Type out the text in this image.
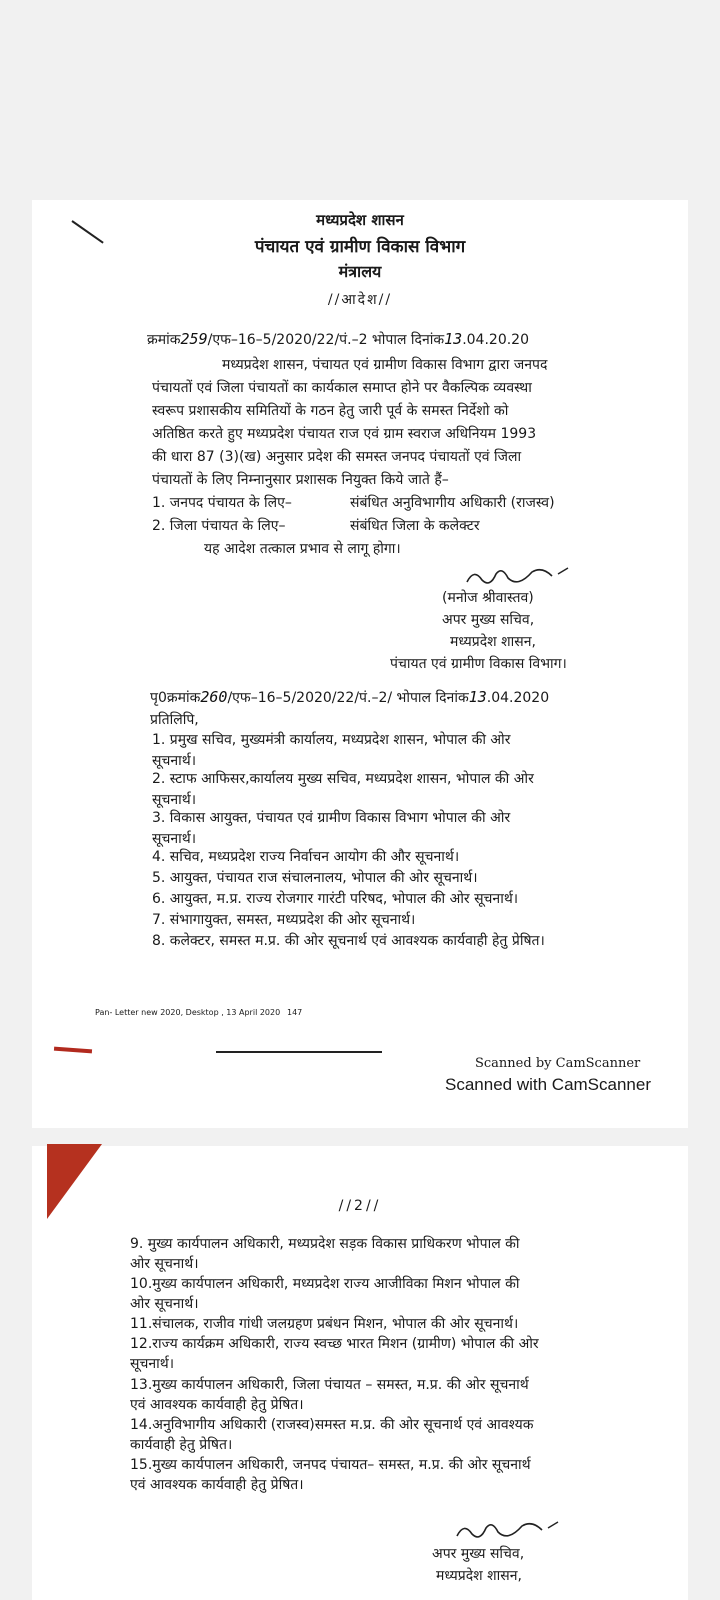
मध्यप्रदेश शासन
पंचायत एवं ग्रामीण विकास विभाग
मंत्रालय
//आदेश//
क्रमांक259/एफ–16–5/2020/22/पं.–2 भोपाल दिनांक13.04.20.20
मध्यप्रदेश शासन, पंचायत एवं ग्रामीण विकास विभाग द्वारा जनपद
पंचायतों एवं जिला पंचायतों का कार्यकाल समाप्त होने पर वैकल्पिक व्यवस्था
स्वरूप प्रशासकीय समितियों के गठन हेतु जारी पूर्व के समस्त निर्देशो को
अतिष्ठित करते हुए मध्यप्रदेश पंचायत राज एवं ग्राम स्वराज अधिनियम 1993
की धारा 87 (3)(ख) अनुसार प्रदेश की समस्त जनपद पंचायतों एवं जिला
पंचायतों के लिए निम्नानुसार प्रशासक नियुक्त किये जाते हैं–
1. जनपद पंचायत के लिए–	संबंधित अनुविभागीय अधिकारी (राजस्व)
2. जिला पंचायत के लिए–	संबंधित जिला के कलेक्टर
यह आदेश तत्काल प्रभाव से लागू होगा।
(मनोज श्रीवास्तव)
अपर मुख्य सचिव,
मध्यप्रदेश शासन,
पंचायत एवं ग्रामीण विकास विभाग।
पृ0क्रमांक260/एफ–16–5/2020/22/पं.–2/ भोपाल दिनांक13.04.2020
प्रतिलिपि,
1. प्रमुख सचिव, मुख्यमंत्री कार्यालय, मध्यप्रदेश शासन, भोपाल की ओर
सूचनार्थ।
2. स्टाफ आफिसर,कार्यालय मुख्य सचिव, मध्यप्रदेश शासन, भोपाल की ओर
सूचनार्थ।
3. विकास आयुक्त, पंचायत एवं ग्रामीण विकास विभाग भोपाल की ओर
सूचनार्थ।
4. सचिव, मध्यप्रदेश राज्य निर्वाचन आयोग की और सूचनार्थ।
5. आयुक्त, पंचायत राज संचालनालय, भोपाल की ओर सूचनार्थ।
6. आयुक्त, म.प्र. राज्य रोजगार गारंटी परिषद, भोपाल की ओर सूचनार्थ।
7. संभागायुक्त, समस्त, मध्यप्रदेश की ओर सूचनार्थ।
8. कलेक्टर, समस्त म.प्र. की ओर सूचनार्थ एवं आवश्यक कार्यवाही हेतु प्रेषित।
Pan- Letter new 2020, Desktop , 13 April 2020 147
Scanned by CamScanner
Scanned with CamScanner
//2//
9. मुख्य कार्यपालन अधिकारी, मध्यप्रदेश सड़क विकास प्राधिकरण भोपाल की
ओर सूचनार्थ।
10.मुख्य कार्यपालन अधिकारी, मध्यप्रदेश राज्य आजीविका मिशन भोपाल की
ओर सूचनार्थ।
11.संचालक, राजीव गांधी जलग्रहण प्रबंधन मिशन, भोपाल की ओर सूचनार्थ।
12.राज्य कार्यक्रम अधिकारी, राज्य स्वच्छ भारत मिशन (ग्रामीण) भोपाल की ओर
सूचनार्थ।
13.मुख्य कार्यपालन अधिकारी, जिला पंचायत – समस्त, म.प्र. की ओर सूचनार्थ
एवं आवश्यक कार्यवाही हेतु प्रेषित।
14.अनुविभागीय अधिकारी (राजस्व)समस्त म.प्र. की ओर सूचनार्थ एवं आवश्यक
कार्यवाही हेतु प्रेषित।
15.मुख्य कार्यपालन अधिकारी, जनपद पंचायत– समस्त, म.प्र. की ओर सूचनार्थ
एवं आवश्यक कार्यवाही हेतु प्रेषित।
अपर मुख्य सचिव,
मध्यप्रदेश शासन,
